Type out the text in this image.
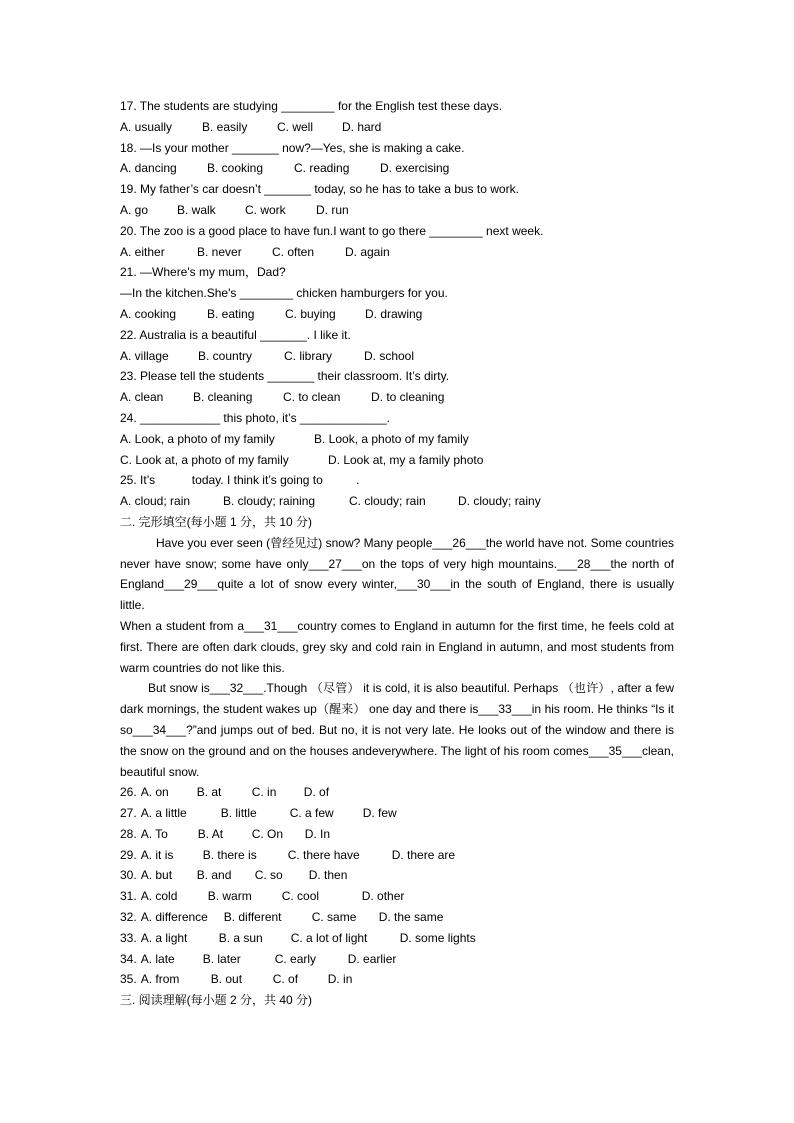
17. The students are studying ________ for the English test these days.
A. usually B. easily C. well D. hard
18. —Is your mother _______ now?—Yes, she is making a cake.
A. dancing	B. cooking	C. reading	D. exercising
19. My father’s car doesn’t _______ today, so he has to take a bus to work.
A. go B. walk C. work	D. run
20. The zoo is a good place to have fun.I want to go there ________ next week.
A. either	B. never	C. often	D. again
21. —Where's my mum，Dad?
—In the kitchen.She's ________ chicken hamburgers for you.
A. cooking	B. eating	C. buying D. drawing
22. Australia is a beautiful _______. I like it.
A. village B. country	C. library	D. school
23. Please tell the students _______ their classroom. It’s dirty.
A. clean B. cleaning	C. to clean	D. to cleaning
24. ____________ this photo, it’s _____________.
A. Look, a photo of my family	B. Look, a photo of my family
C. Look at, a photo of my family	D. Look at, my a family photo
25. It’s           today. I think it’s going to          .
A. cloud; rain	B. cloudy; raining	C. cloudy; rain	D. cloudy; rainy
二. 完形填空(每小题 1 分，共 10 分)
Have you ever seen (曾经见过) snow? Many people___26___the world have not. Some countries never have snow; some have only___27___on the tops of very high mountains.___28___the north of England___29___quite a lot of snow every winter,___30___in the south of England, there is usually little.
When a student from a___31___country comes to England in autumn for the first time, he feels cold at first. There are often dark clouds, grey sky and cold rain in England in autumn, and most students from warm countries do not like this.
But snow is___32___.Though （尽管） it is cold, it is also beautiful. Perhaps （也许）, after a few dark mornings, the student wakes up（醒来） one day and there is___33___in his room. He thinks “Is it so___34___?”and jumps out of bed. But no, it is not very late. He looks out of the window and there is the snow on the ground and on the houses andeverywhere. The light of his room comes___35___clean, beautiful snow.
26. A. on B. at	C. in D. of
27. A. a little	B. little	C. a few D. few
28. A. To B. At C. On D. In
29. A. it is B. there is	C. there have	D. there are
30. A. but B. and C. so D. then
31. A. cold	B. warm C. cool	D. other
32. A. difference B. different	C. same D. the same
33. A. a light	B. a sun C. a lot of light	D. some lights
34. A. late B. later	C. early	D. earlier
35. A. from	B. out	C. of D. in
三. 阅读理解(每小题 2 分，共 40 分)
